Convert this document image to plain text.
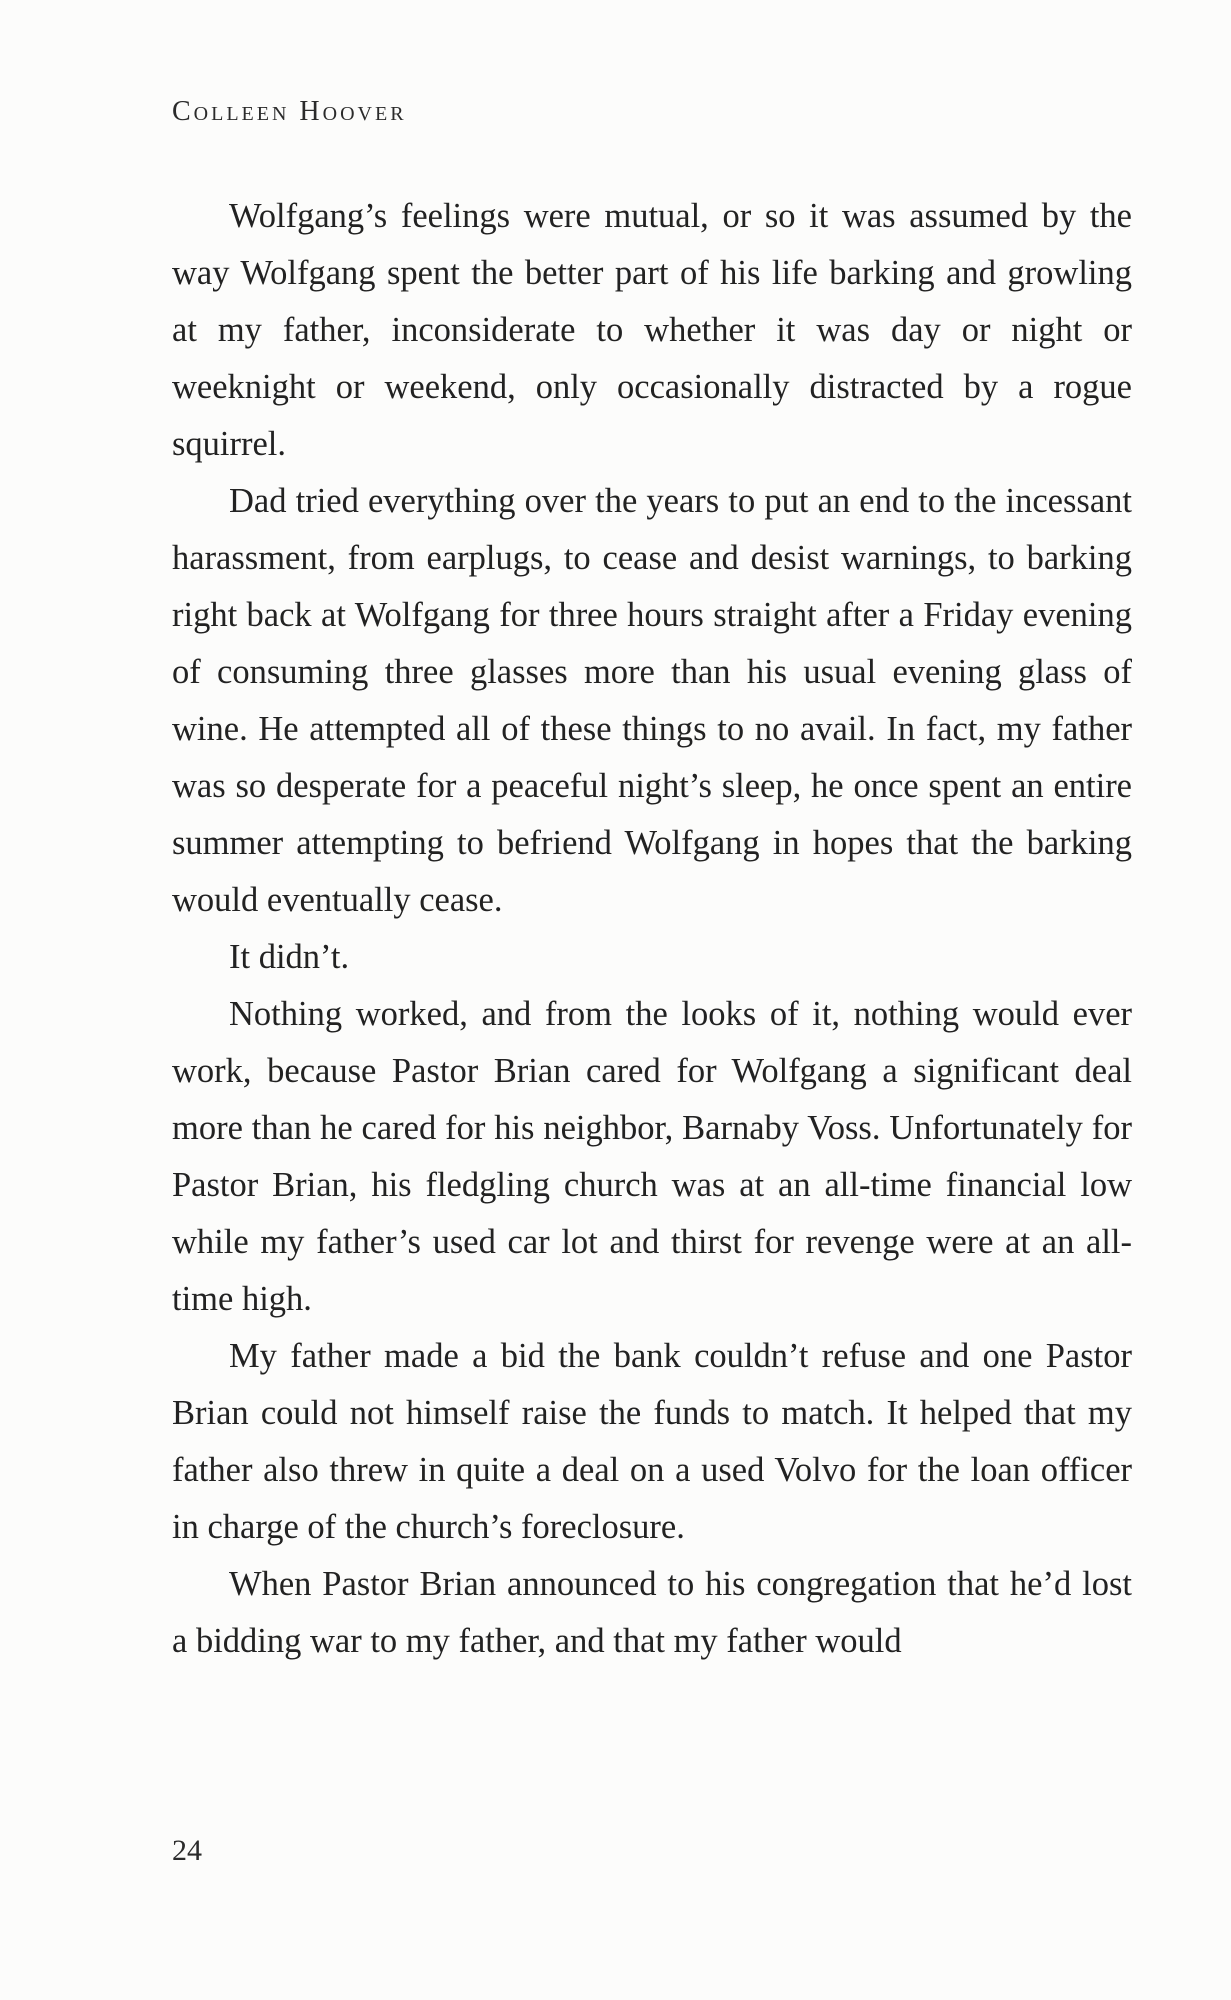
Colleen Hoover

Wolfgang’s feelings were mutual, or so it was assumed by the way Wolfgang spent the better part of his life barking and growling at my father, inconsiderate to whether it was day or night or weeknight or weekend, only occasionally distracted by a rogue squirrel.

Dad tried everything over the years to put an end to the incessant harassment, from earplugs, to cease and desist warnings, to barking right back at Wolfgang for three hours straight after a Friday evening of consuming three glasses more than his usual evening glass of wine. He attempted all of these things to no avail. In fact, my father was so desperate for a peaceful night’s sleep, he once spent an entire summer attempting to befriend Wolfgang in hopes that the barking would eventually cease.

It didn’t.

Nothing worked, and from the looks of it, nothing would ever work, because Pastor Brian cared for Wolfgang a significant deal more than he cared for his neighbor, Barnaby Voss. Unfortunately for Pastor Brian, his fledgling church was at an all-time financial low while my father’s used car lot and thirst for revenge were at an all-time high.

My father made a bid the bank couldn’t refuse and one Pastor Brian could not himself raise the funds to match. It helped that my father also threw in quite a deal on a used Volvo for the loan officer in charge of the church’s foreclosure.

When Pastor Brian announced to his congregation that he’d lost a bidding war to my father, and that my father would

24
